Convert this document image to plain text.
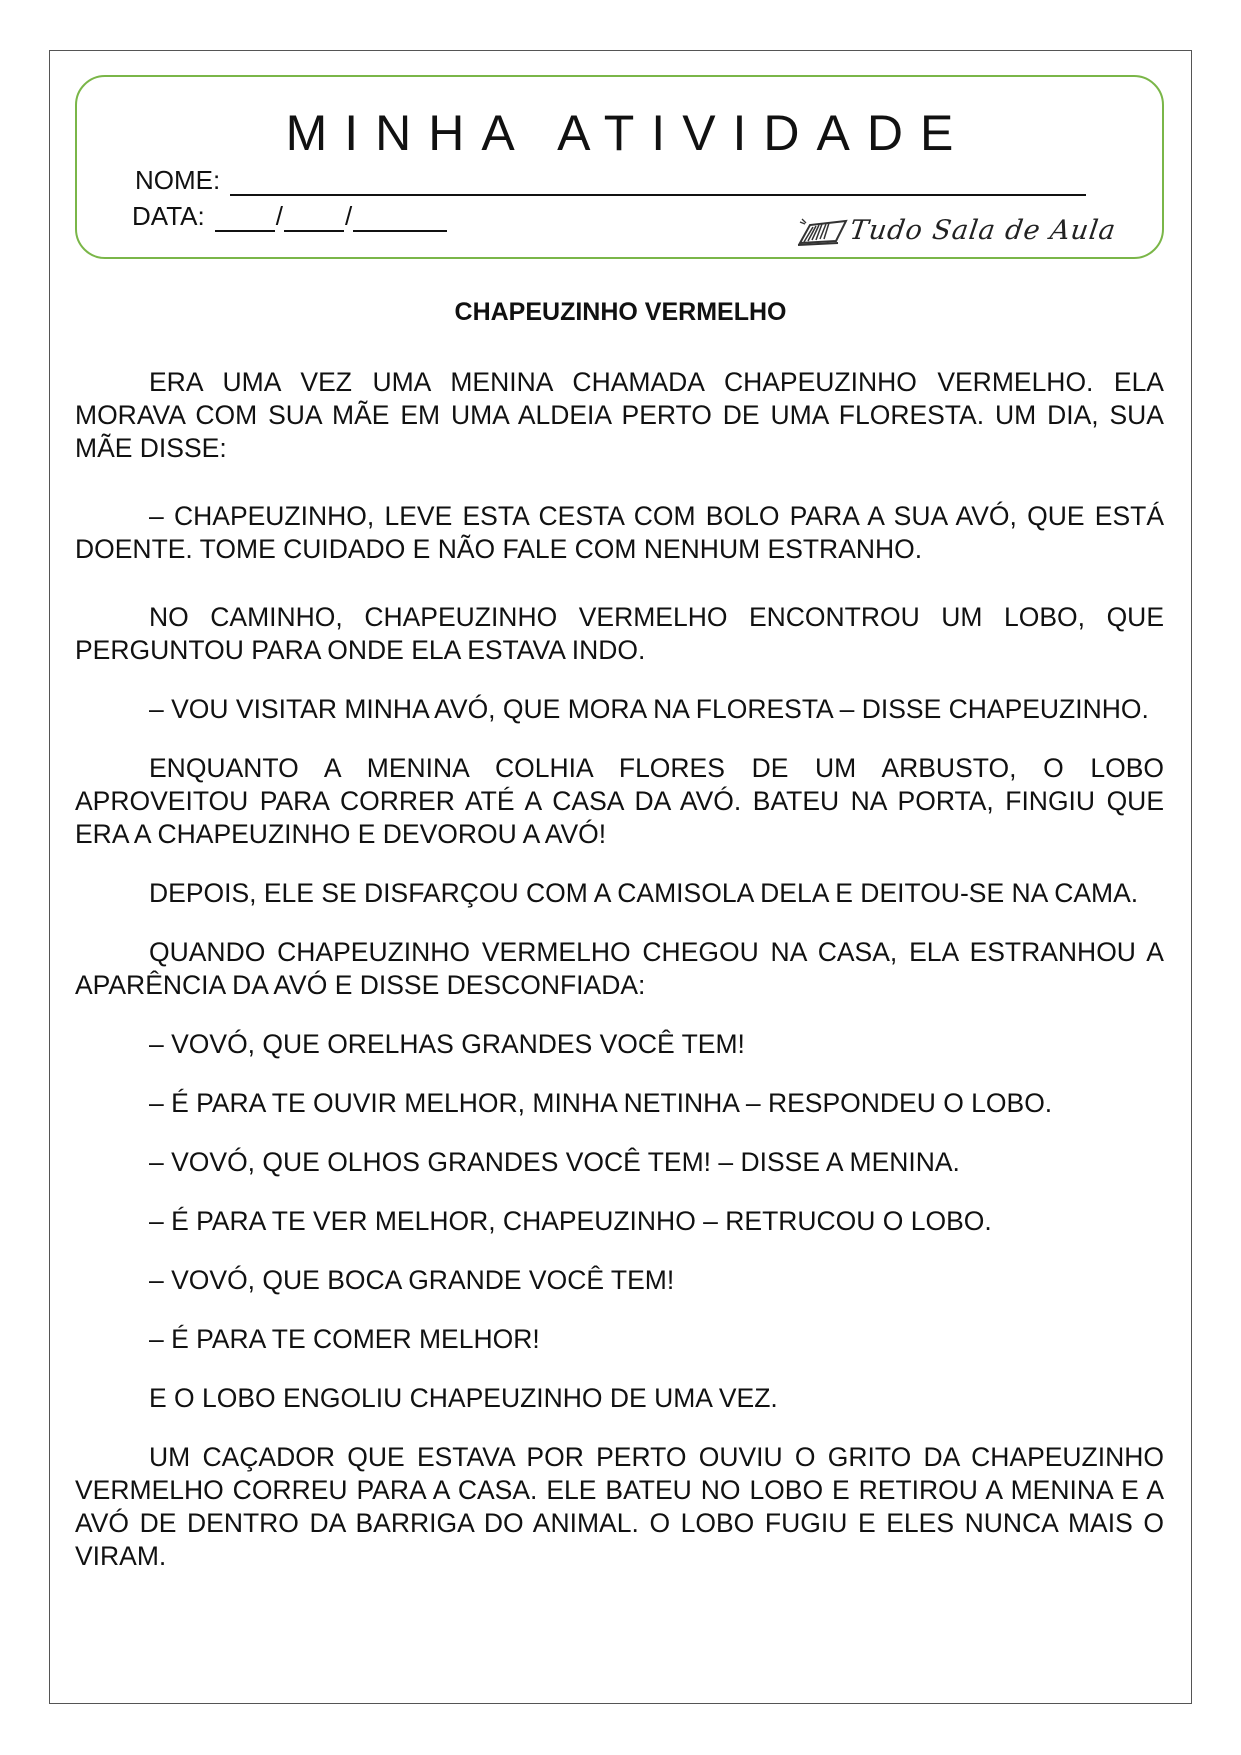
MINHA ATIVIDADE
NOME:
DATA:	/ /	Tudo Sala de Aula
CHAPEUZINHO VERMELHO

ERA UMA VEZ UMA MENINA CHAMADA CHAPEUZINHO VERMELHO. ELA MORAVA COM SUA MÃE EM UMA ALDEIA PERTO DE UMA FLORESTA. UM DIA, SUA MÃE DISSE:

– CHAPEUZINHO, LEVE ESTA CESTA COM BOLO PARA A SUA AVÓ, QUE ESTÁ DOENTE. TOME CUIDADO E NÃO FALE COM NENHUM ESTRANHO.

NO CAMINHO, CHAPEUZINHO VERMELHO ENCONTROU UM LOBO, QUE PERGUNTOU PARA ONDE ELA ESTAVA INDO.

– VOU VISITAR MINHA AVÓ, QUE MORA NA FLORESTA – DISSE CHAPEUZINHO.

ENQUANTO A MENINA COLHIA FLORES DE UM ARBUSTO, O LOBO APROVEITOU PARA CORRER ATÉ A CASA DA AVÓ. BATEU NA PORTA, FINGIU QUE ERA A CHAPEUZINHO E DEVOROU A AVÓ!

DEPOIS, ELE SE DISFARÇOU COM A CAMISOLA DELA E DEITOU-SE NA CAMA.

QUANDO CHAPEUZINHO VERMELHO CHEGOU NA CASA, ELA ESTRANHOU A APARÊNCIA DA AVÓ E DISSE DESCONFIADA:

– VOVÓ, QUE ORELHAS GRANDES VOCÊ TEM!

– É PARA TE OUVIR MELHOR, MINHA NETINHA – RESPONDEU O LOBO.

– VOVÓ, QUE OLHOS GRANDES VOCÊ TEM! – DISSE A MENINA.

– É PARA TE VER MELHOR, CHAPEUZINHO – RETRUCOU O LOBO.

– VOVÓ, QUE BOCA GRANDE VOCÊ TEM!

– É PARA TE COMER MELHOR!

E O LOBO ENGOLIU CHAPEUZINHO DE UMA VEZ.

UM CAÇADOR QUE ESTAVA POR PERTO OUVIU O GRITO DA CHAPEUZINHO VERMELHO CORREU PARA A CASA. ELE BATEU NO LOBO E RETIROU A MENINA E A AVÓ DE DENTRO DA BARRIGA DO ANIMAL. O LOBO FUGIU E ELES NUNCA MAIS O VIRAM.
